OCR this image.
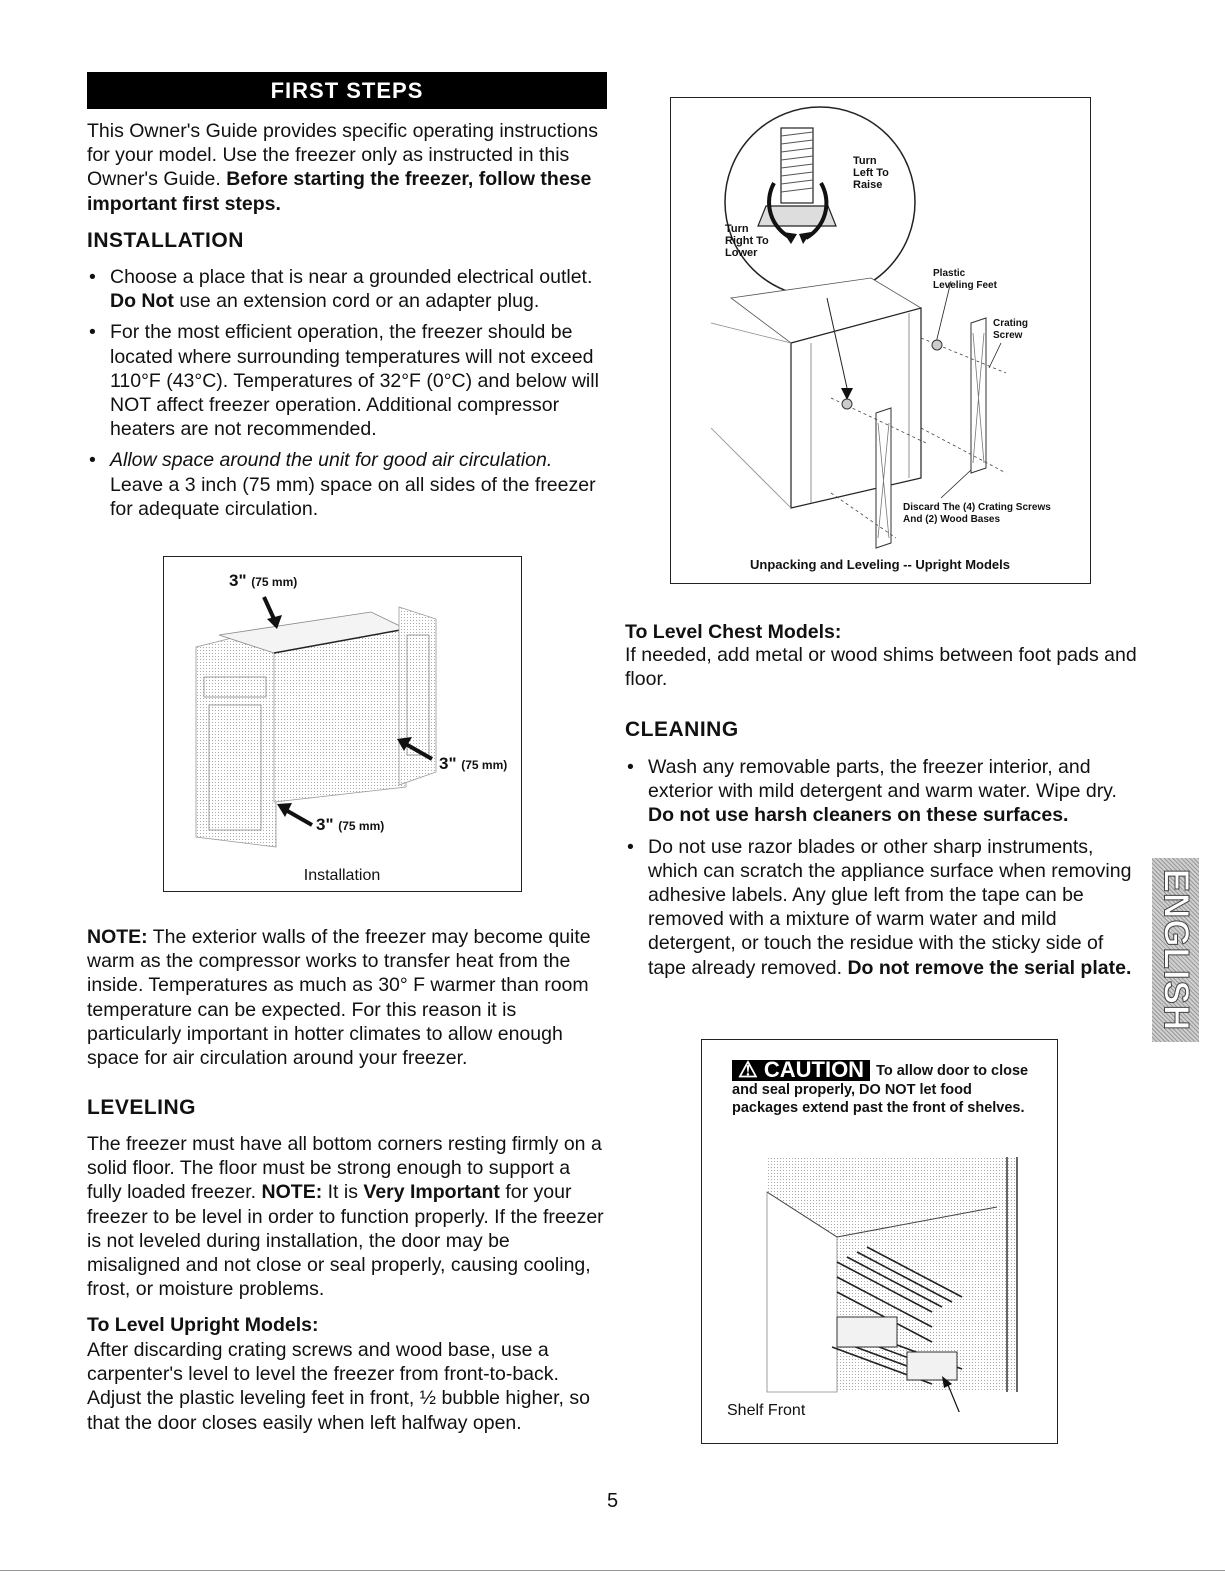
FIRST STEPS

This Owner's Guide provides specific operating instructions for your model. Use the freezer only as instructed in this Owner's Guide. Before starting the freezer, follow these important first steps.

INSTALLATION
• Choose a place that is near a grounded electrical outlet. Do Not use an extension cord or an adapter plug.
• For the most efficient operation, the freezer should be located where surrounding temperatures will not exceed 110°F (43°C). Temperatures of 32°F (0°C) and below will NOT affect freezer operation. Additional compressor heaters are not recommended.
• Allow space around the unit for good air circulation. Leave a 3 inch (75 mm) space on all sides of the freezer for adequate circulation.
3" (75 mm)
3" (75 mm)
3" (75 mm)
Installation

NOTE: The exterior walls of the freezer may become quite warm as the compressor works to transfer heat from the inside. Temperatures as much as 30° F warmer than room temperature can be expected. For this reason it is particularly important in hotter climates to allow enough space for air circulation around your freezer.

LEVELING

The freezer must have all bottom corners resting firmly on a solid floor. The floor must be strong enough to support a fully loaded freezer. NOTE: It is Very Important for your freezer to be level in order to function properly. If the freezer is not leveled during installation, the door may be misaligned and not close or seal properly, causing cooling, frost, or moisture problems.

To Level Upright Models:

After discarding crating screws and wood base, use a carpenter's level to level the freezer from front-to-back. Adjust the plastic leveling feet in front, ½ bubble higher, so that the door closes easily when left halfway open.

Turn
Left To
Raise
Turn
Right To
Lower
Plastic
Leveling Feet
Crating
Screw
Discard The (4) Crating Screws
And (2) Wood Bases
Unpacking and Leveling -- Upright Models
To Level Chest Models:

If needed, add metal or wood shims between foot pads and floor.

CLEANING
• Wash any removable parts, the freezer interior, and exterior with mild detergent and warm water. Wipe dry. Do not use harsh cleaners on these surfaces.
• Do not use razor blades or other sharp instruments, which can scratch the appliance surface when removing adhesive labels. Any glue left from the tape can be removed with a mixture of warm water and mild detergent, or touch the residue with the sticky side of tape already removed. Do not remove the serial plate.
⚠ CAUTION To allow door to close and seal properly, DO NOT let food packages extend past the front of shelves.
Shelf Front
ENGLISH
5
